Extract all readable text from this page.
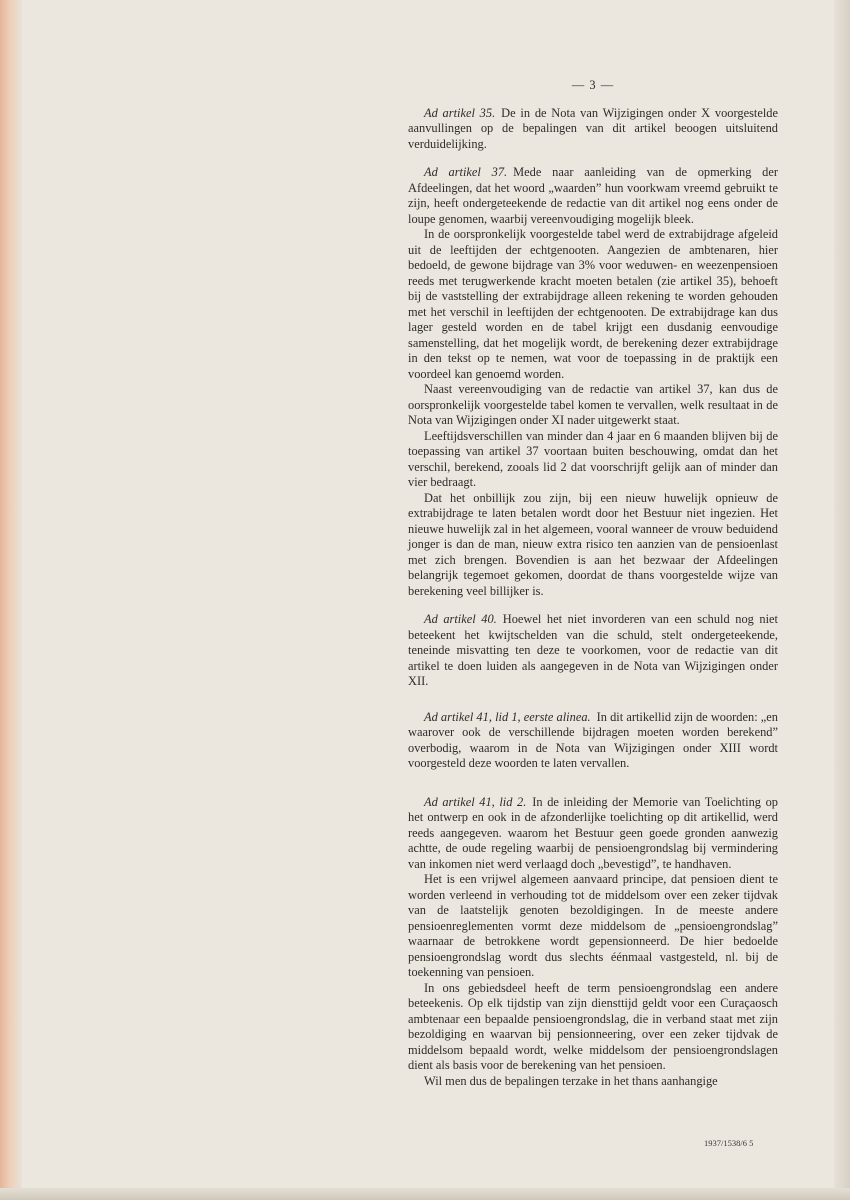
— 3 —

Ad artikel 35. De in de Nota van Wijzigingen onder X voorgestelde aanvullingen op de bepalingen van dit artikel beoogen uitsluitend verduidelijking.

Ad artikel 37. Mede naar aanleiding van de opmerking der Afdeelingen, dat het woord „waarden” hun voorkwam vreemd gebruikt te zijn, heeft ondergeteekende de redactie van dit artikel nog eens onder de loupe genomen, waarbij vereenvoudiging mogelijk bleek.

In de oorspronkelijk voorgestelde tabel werd de extrabijdrage afgeleid uit de leeftijden der echtgenooten. Aangezien de ambtenaren, hier bedoeld, de gewone bijdrage van 3% voor weduwen- en weezenpensioen reeds met terugwerkende kracht moeten betalen (zie artikel 35), behoeft bij de vaststelling der extrabijdrage alleen rekening te worden gehouden met het verschil in leeftijden der echtgenooten. De extrabijdrage kan dus lager gesteld worden en de tabel krijgt een dusdanig eenvoudige samenstelling, dat het mogelijk wordt, de berekening dezer extrabijdrage in den tekst op te nemen, wat voor de toepassing in de praktijk een voordeel kan genoemd worden.

Naast vereenvoudiging van de redactie van artikel 37, kan dus de oorspronkelijk voorgestelde tabel komen te vervallen, welk resultaat in de Nota van Wijzigingen onder XI nader uitgewerkt staat.

Leeftijdsverschillen van minder dan 4 jaar en 6 maanden blijven bij de toepassing van artikel 37 voortaan buiten beschouwing, omdat dan het verschil, berekend, zooals lid 2 dat voorschrijft gelijk aan of minder dan vier bedraagt.

Dat het onbillijk zou zijn, bij een nieuw huwelijk opnieuw de extrabijdrage te laten betalen wordt door het Bestuur niet ingezien. Het nieuwe huwelijk zal in het algemeen, vooral wanneer de vrouw beduidend jonger is dan de man, nieuw extra risico ten aanzien van de pensioenlast met zich brengen. Bovendien is aan het bezwaar der Afdeelingen belangrijk tegemoet gekomen, doordat de thans voorgestelde wijze van berekening veel billijker is.

Ad artikel 40. Hoewel het niet invorderen van een schuld nog niet beteekent het kwijtschelden van die schuld, stelt ondergeteekende, teneinde misvatting ten deze te voorkomen, voor de redactie van dit artikel te doen luiden als aangegeven in de Nota van Wijzigingen onder XII.

Ad artikel 41, lid 1, eerste alinea. In dit artikellid zijn de woorden: „en waarover ook de verschillende bijdragen moeten worden berekend” overbodig, waarom in de Nota van Wijzigingen onder XIII wordt voorgesteld deze woorden te laten vervallen.

Ad artikel 41, lid 2. In de inleiding der Memorie van Toelichting op het ontwerp en ook in de afzonderlijke toelichting op dit artikellid, werd reeds aangegeven. waarom het Bestuur geen goede gronden aanwezig achtte, de oude regeling waarbij de pensioengrondslag bij vermindering van inkomen niet werd verlaagd doch „bevestigd”, te handhaven.

Het is een vrijwel algemeen aanvaard principe, dat pensioen dient te worden verleend in verhouding tot de middelsom over een zeker tijdvak van de laatstelijk genoten bezoldigingen. In de meeste andere pensioenreglementen vormt deze middelsom de „pensioengrondslag” waarnaar de betrokkene wordt gepensionneerd. De hier bedoelde pensioengrondslag wordt dus slechts éénmaal vastgesteld, nl. bij de toekenning van pensioen.

In ons gebiedsdeel heeft de term pensioengrondslag een andere beteekenis. Op elk tijdstip van zijn diensttijd geldt voor een Curaçaosch ambtenaar een bepaalde pensioengrondslag, die in verband staat met zijn bezoldiging en waarvan bij pensionneering, over een zeker tijdvak de middelsom bepaald wordt, welke middelsom der pensioengrondslagen dient als basis voor de berekening van het pensioen.

Wil men dus de bepalingen terzake in het thans aanhangige

1937/1538/6 5
